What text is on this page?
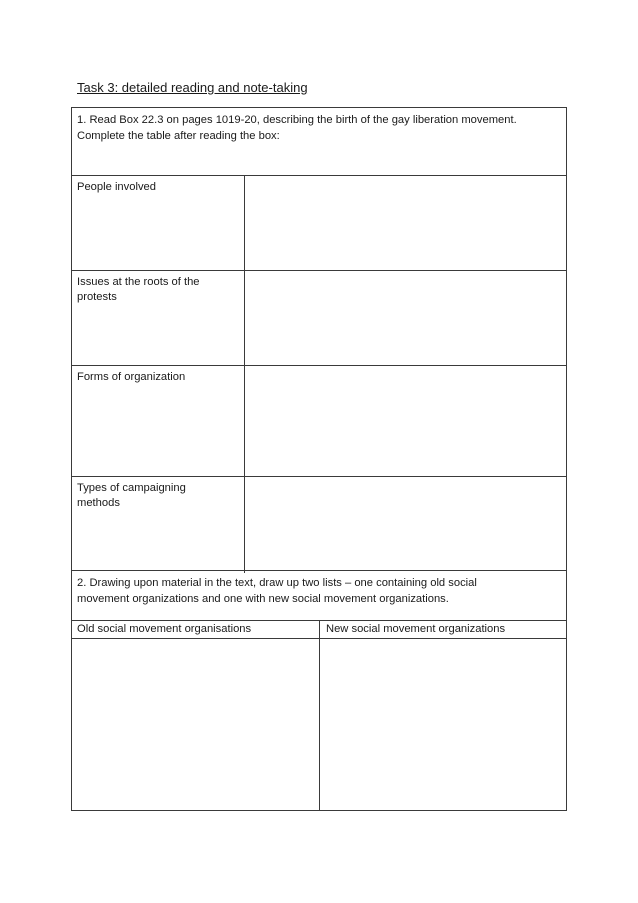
Task 3: detailed reading and note-taking
1. Read Box 22.3 on pages 1019-20, describing the birth of the gay liberation movement.
Complete the table after reading the box:
People involved
Issues at the roots of the
protests
Forms of organization
Types of campaigning
methods
2. Drawing upon material in the text, draw up two lists – one containing old social
movement organizations and one with new social movement organizations.
Old social movement organisations	New social movement organizations
